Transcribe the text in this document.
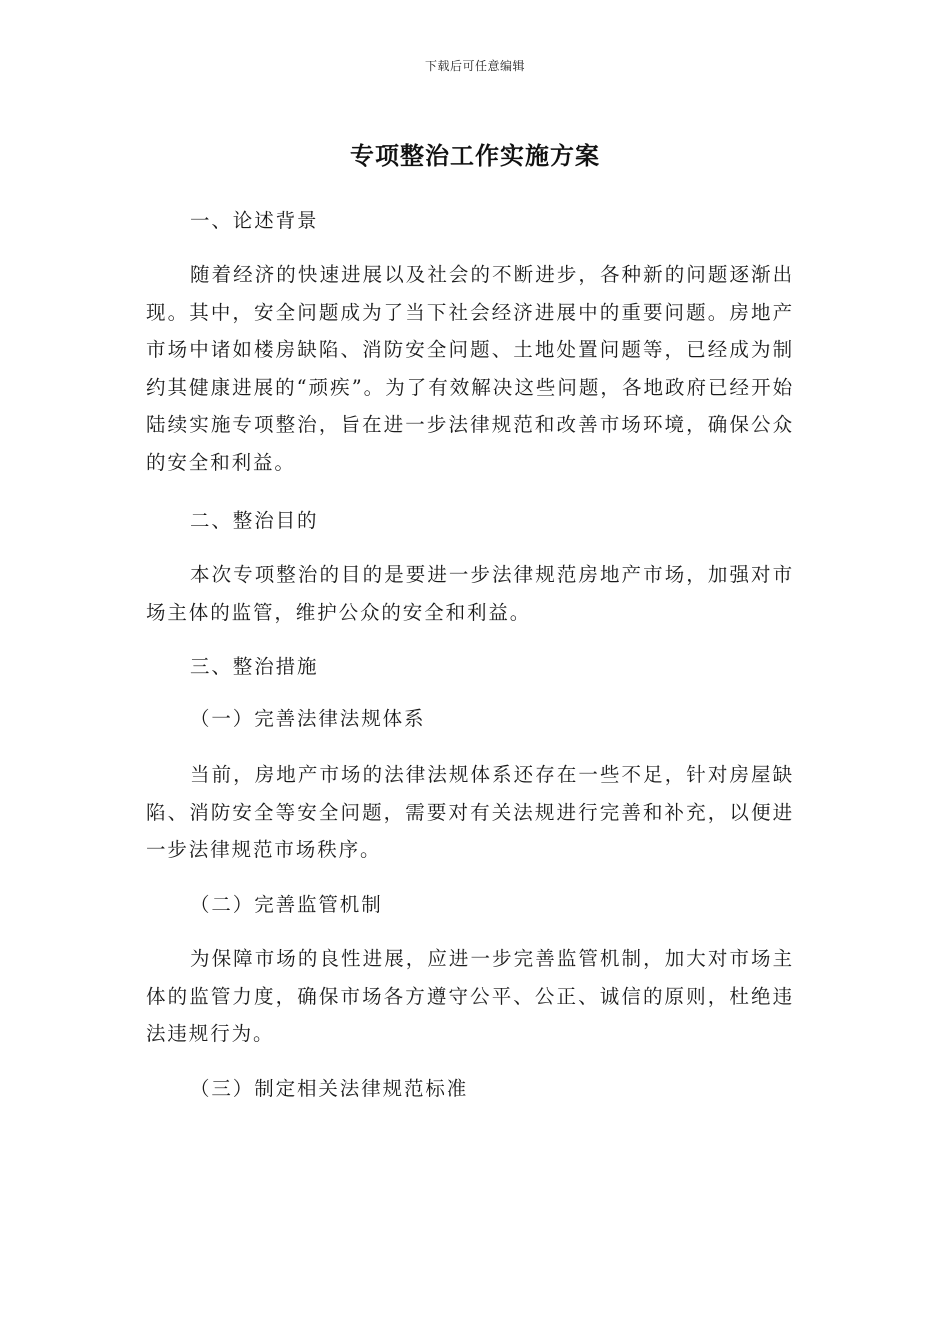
下载后可任意编辑
专项整治工作实施方案
一、论述背景
随着经济的快速进展以及社会的不断进步，各种新的问题逐渐出现。其中，安全问题成为了当下社会经济进展中的重要问题。房地产市场中诸如楼房缺陷、消防安全问题、土地处置问题等，已经成为制约其健康进展的“顽疾”。为了有效解决这些问题，各地政府已经开始陆续实施专项整治，旨在进一步法律规范和改善市场环境，确保公众的安全和利益。
二、整治目的
本次专项整治的目的是要进一步法律规范房地产市场，加强对市场主体的监管，维护公众的安全和利益。
三、整治措施
（一）完善法律法规体系
当前，房地产市场的法律法规体系还存在一些不足，针对房屋缺陷、消防安全等安全问题，需要对有关法规进行完善和补充，以便进一步法律规范市场秩序。
（二）完善监管机制
为保障市场的良性进展，应进一步完善监管机制，加大对市场主体的监管力度，确保市场各方遵守公平、公正、诚信的原则，杜绝违法违规行为。
（三）制定相关法律规范标准
